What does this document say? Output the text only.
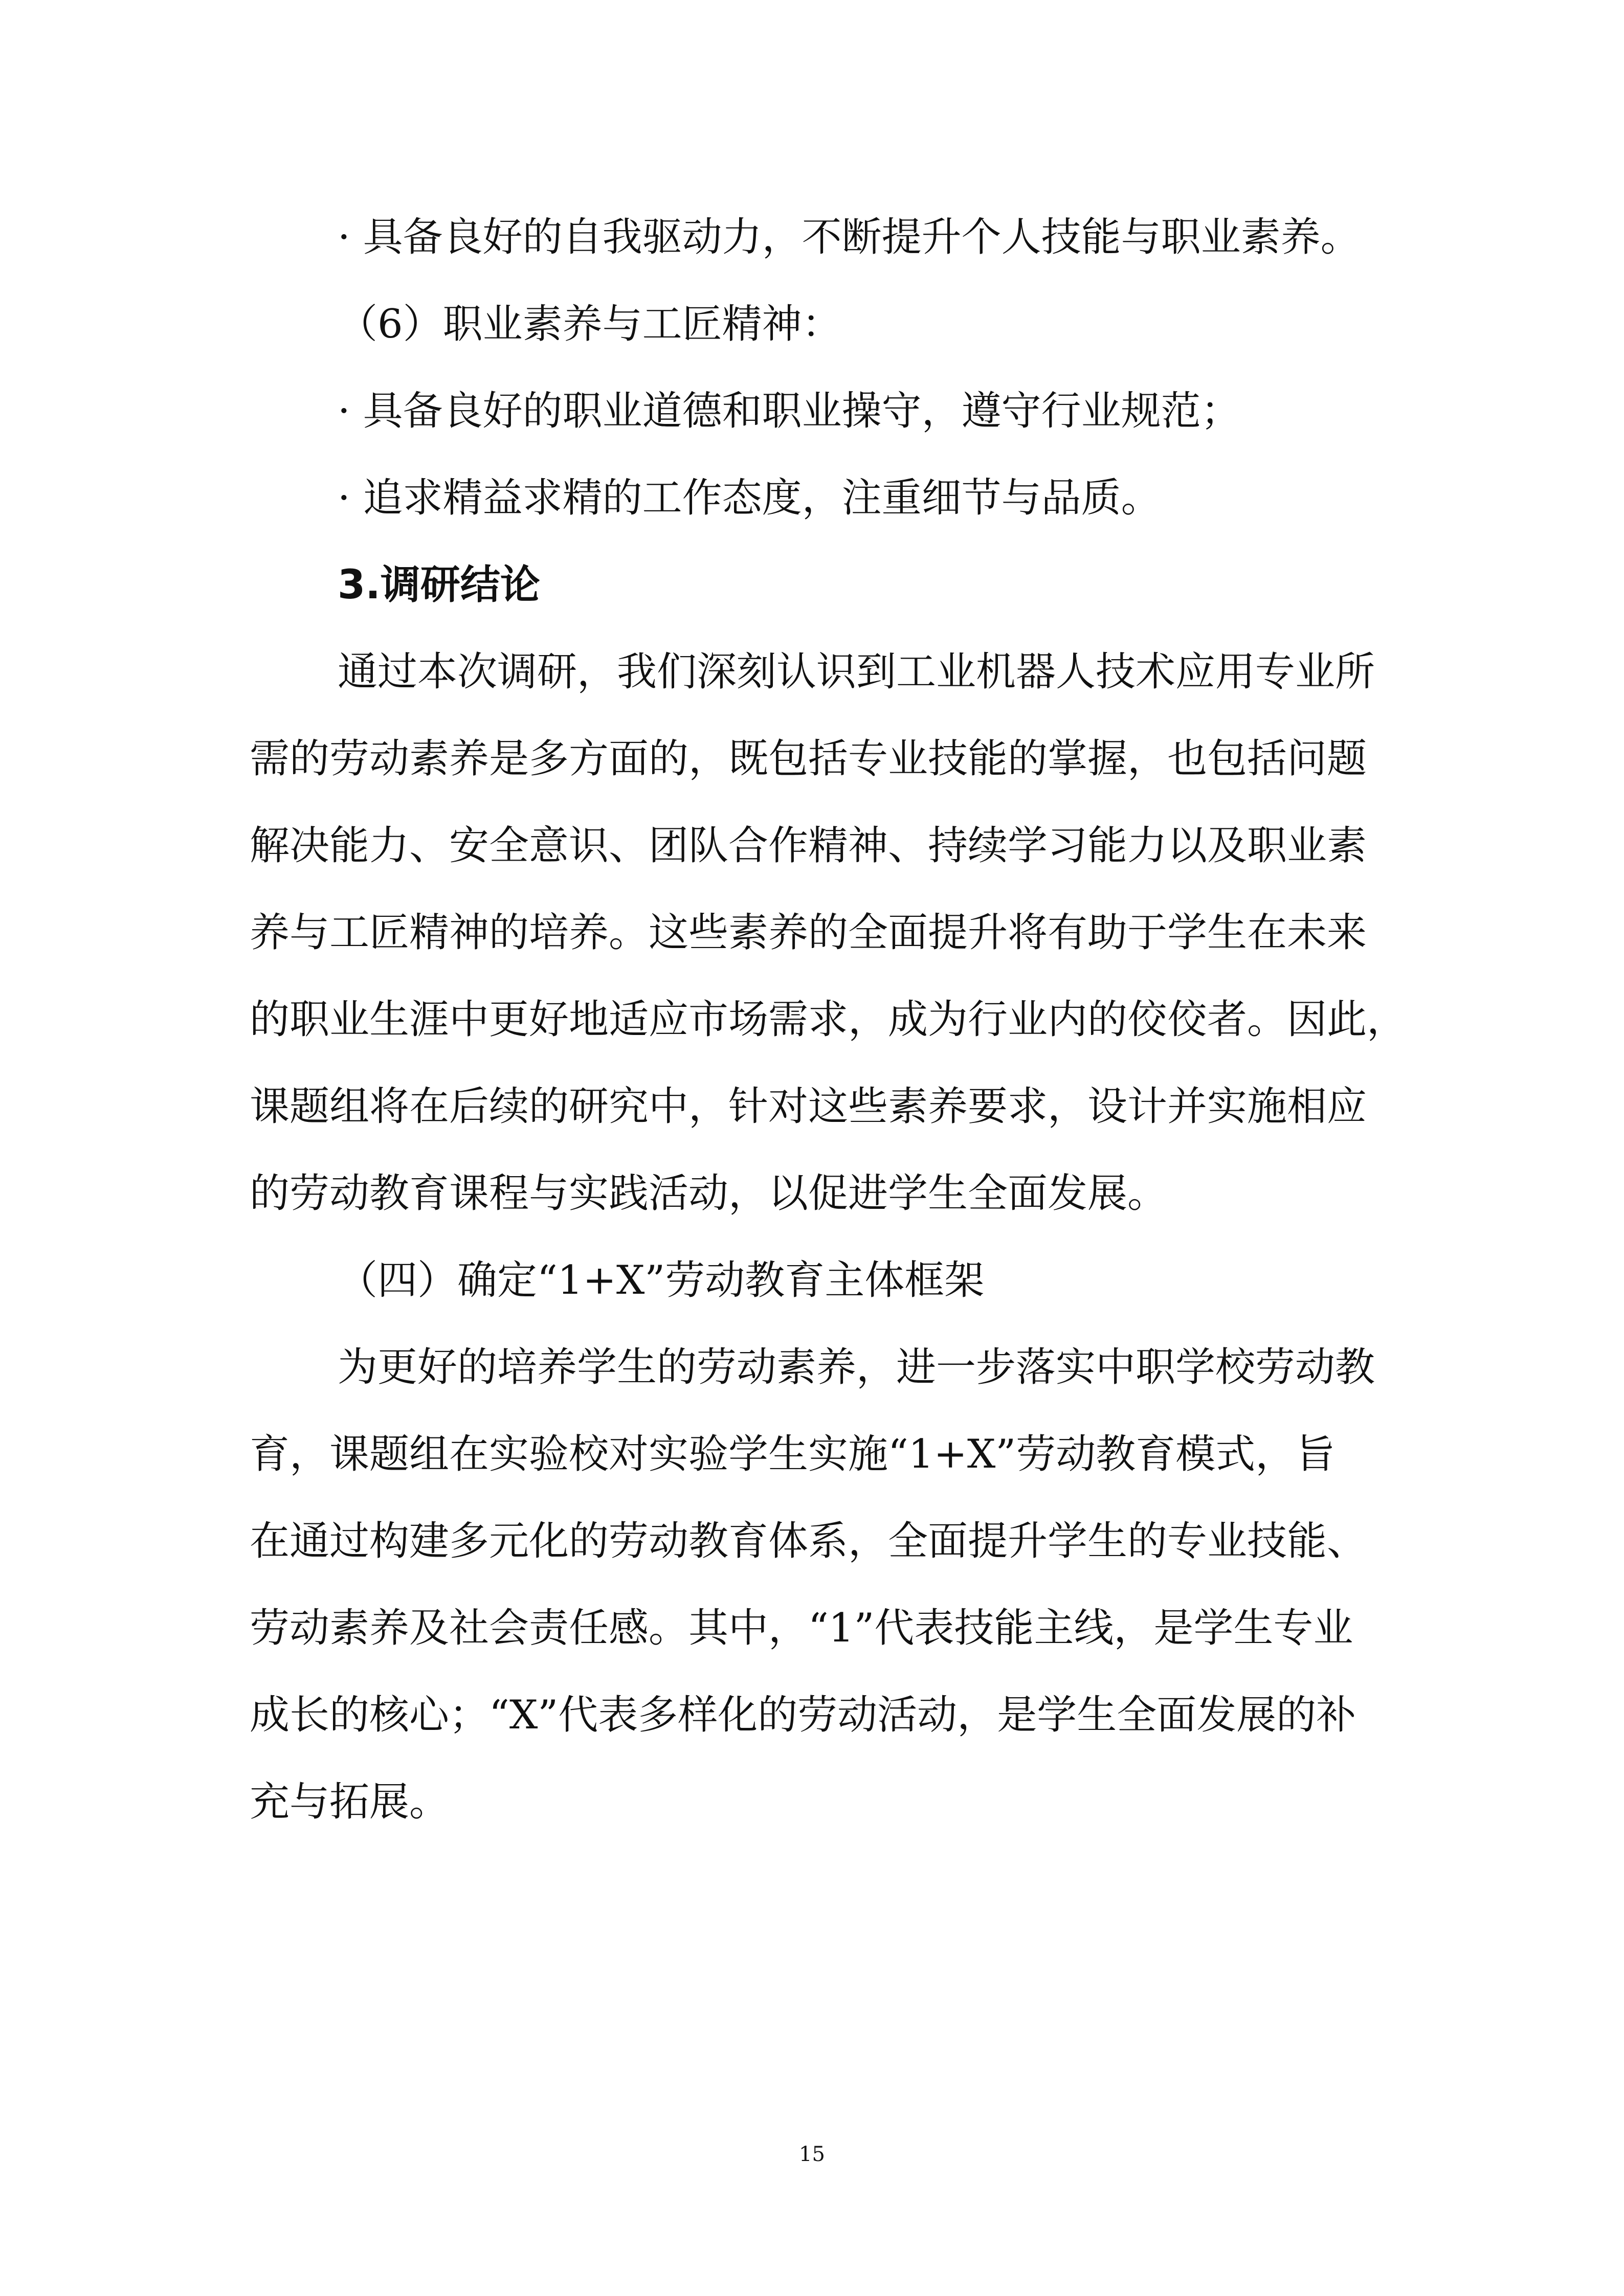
· 具备良好的自我驱动力，不断提升个人技能与职业素养。
（6）职业素养与工匠精神：
· 具备良好的职业道德和职业操守，遵守行业规范；
· 追求精益求精的工作态度，注重细节与品质。
3.调研结论
通过本次调研，我们深刻认识到工业机器人技术应用专业所
需的劳动素养是多方面的，既包括专业技能的掌握，也包括问题
解决能力、安全意识、团队合作精神、持续学习能力以及职业素
养与工匠精神的培养。这些素养的全面提升将有助于学生在未来
的职业生涯中更好地适应市场需求，成为行业内的佼佼者。因此，
课题组将在后续的研究中，针对这些素养要求，设计并实施相应
的劳动教育课程与实践活动，以促进学生全面发展。
（四）确定“1+X”劳动教育主体框架
为更好的培养学生的劳动素养，进一步落实中职学校劳动教
育，课题组在实验校对实验学生实施“1+X”劳动教育模式，旨
在通过构建多元化的劳动教育体系，全面提升学生的专业技能、
劳动素养及社会责任感。其中，“1”代表技能主线，是学生专业
成长的核心；“X”代表多样化的劳动活动，是学生全面发展的补
充与拓展。
15
